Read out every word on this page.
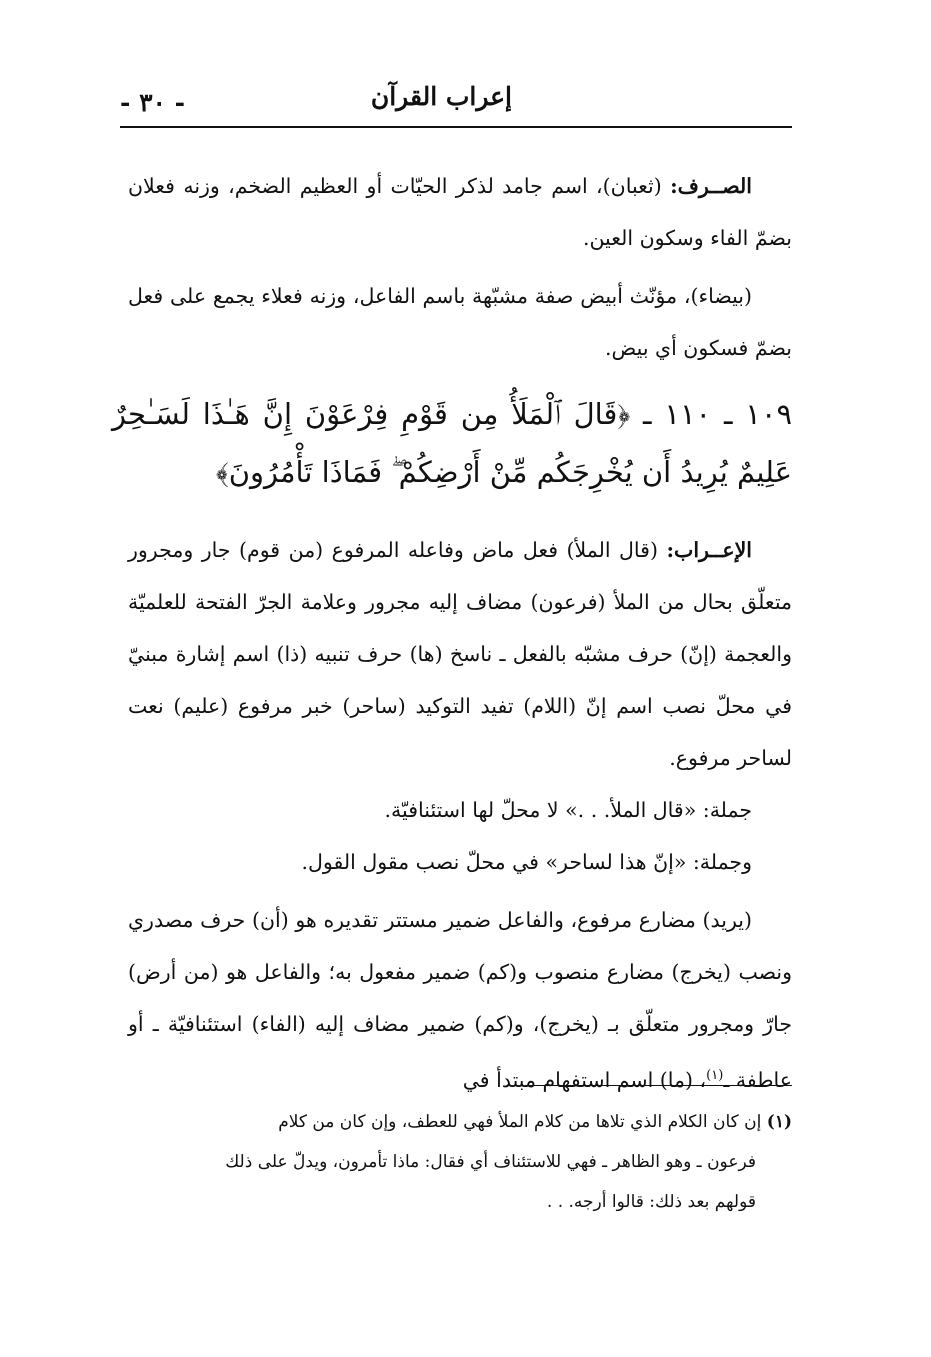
إعراب القرآن
- ٣٠ -

الصــرف: (ثعبان)، اسم جامد لذكر الحيّات أو العظيم الضخم، وزنه فعلان بضمّ الفاء وسكون العين.

(بيضاء)، مؤنّث أبيض صفة مشبّهة باسم الفاعل، وزنه فعلاء يجمع على فعل بضمّ فسكون أي بيض.

١٠٩ ـ ١١٠ ـ ﴿قَالَ ٱلْمَلَأُ مِن قَوْمِ فِرْعَوْنَ إِنَّ هَـٰذَا لَسَـٰحِرٌ عَلِيمٌ يُرِيدُ أَن يُخْرِجَكُم مِّنْ أَرْضِكُمْ ۖ فَمَاذَا تَأْمُرُونَ﴾

الإعــراب: (قال الملأ) فعل ماض وفاعله المرفوع (من قوم) جار ومجرور متعلّق بحال من الملأ (فرعون) مضاف إليه مجرور وعلامة الجرّ الفتحة للعلميّة والعجمة (إنّ) حرف مشبّه بالفعل ـ ناسخ (ها) حرف تنبيه (ذا) اسم إشارة مبنيّ في محلّ نصب اسم إنّ (اللام) تفيد التوكيد (ساحر) خبر مرفوع (عليم) نعت لساحر مرفوع.

جملة: «قال الملأ. . .» لا محلّ لها استئنافيّة.

وجملة: «إنّ هذا لساحر» في محلّ نصب مقول القول.

(يريد) مضارع مرفوع، والفاعل ضمير مستتر تقديره هو (أن) حرف مصدري ونصب (يخرج) مضارع منصوب و(كم) ضمير مفعول به؛ والفاعل هو (من أرض) جارّ ومجرور متعلّق بـ (يخرج)، و(كم) ضمير مضاف إليه (الفاء) استئنافيّة ـ أو عاطفة ـ$^{(١)}$، (ما) اسم استفهام مبتدأ في

(١) إن كان الكلام الذي تلاها من كلام الملأ فهي للعطف، وإن كان من كلام

فرعون ـ وهو الظاهر ـ فهي للاستئناف أي فقال: ماذا تأمرون، ويدلّ على ذلك

قولهم بعد ذلك: قالوا أرجه. . .
